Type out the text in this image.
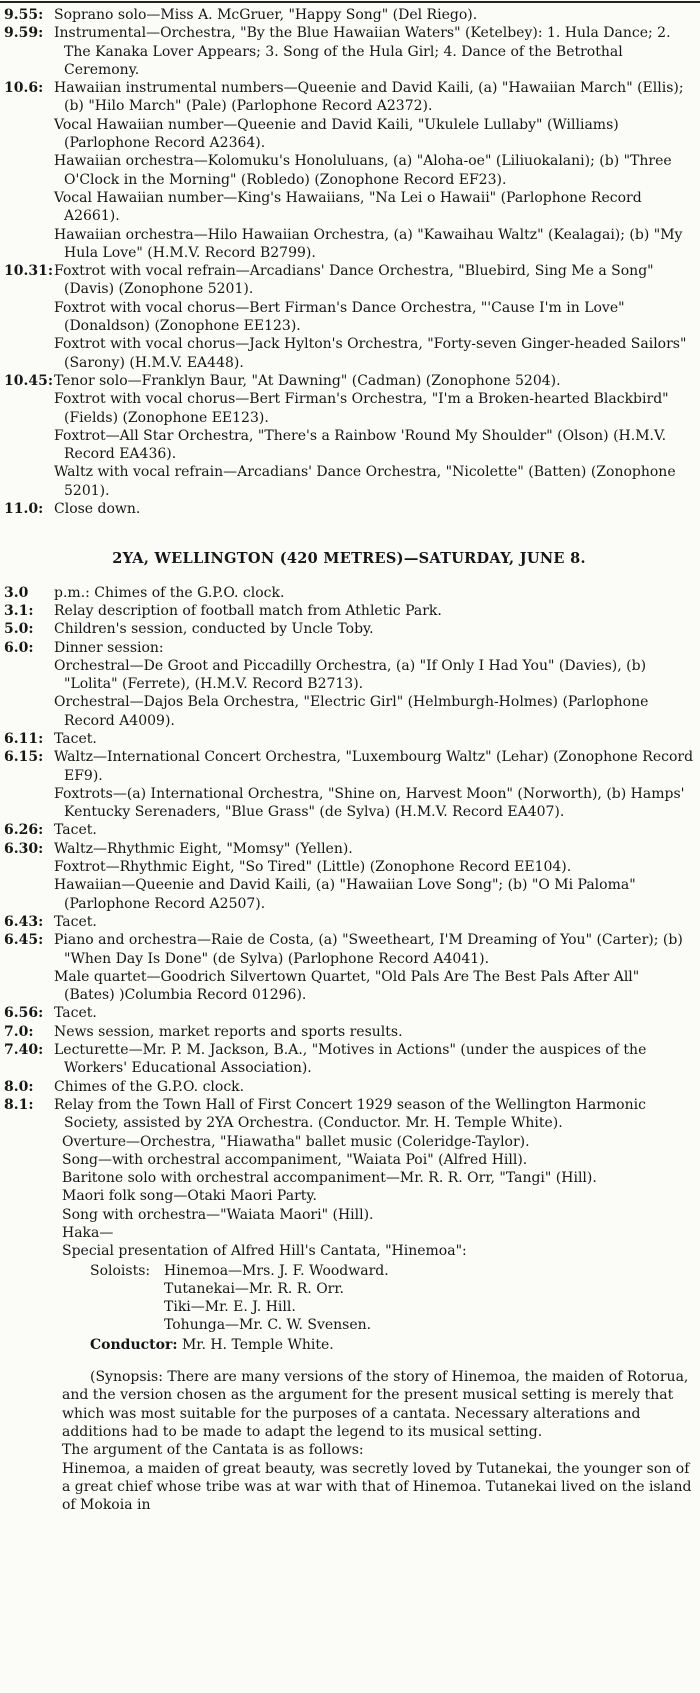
9.55: Soprano solo—Miss A. McGruer, "Happy Song" (Del Riego).
9.59: Instrumental—Orchestra, "By the Blue Hawaiian Waters" (Ketelbey): 1. Hula Dance; 2. The Kanaka Lover Appears; 3. Song of the Hula Girl; 4. Dance of the Betrothal Ceremony.
10.6: Hawaiian instrumental numbers—Queenie and David Kaili, (a) "Hawaiian March" (Ellis); (b) "Hilo March" (Pale) (Parlophone Record A2372).
Vocal Hawaiian number—Queenie and David Kaili, "Ukulele Lullaby" (Williams) (Parlophone Record A2364).
Hawaiian orchestra—Kolomuku's Honoluluans, (a) "Aloha-oe" (Liliuokalani); (b) "Three O'Clock in the Morning" (Robledo) (Zonophone Record EF23).
Vocal Hawaiian number—King's Hawaiians, "Na Lei o Hawaii" (Parlophone Record A2661).
Hawaiian orchestra—Hilo Hawaiian Orchestra, (a) "Kawaihau Waltz" (Kealagai); (b) "My Hula Love" (H.M.V. Record B2799).
10.31: Foxtrot with vocal refrain—Arcadians' Dance Orchestra, "Bluebird, Sing Me a Song" (Davis) (Zonophone 5201).
Foxtrot with vocal chorus—Bert Firman's Dance Orchestra, "'Cause I'm in Love" (Donaldson) (Zonophone EE123).
Foxtrot with vocal chorus—Jack Hylton's Orchestra, "Forty-seven Ginger-headed Sailors" (Sarony) (H.M.V. EA448).
10.45: Tenor solo—Franklyn Baur, "At Dawning" (Cadman) (Zonophone 5204).
Foxtrot with vocal chorus—Bert Firman's Orchestra, "I'm a Broken-hearted Blackbird" (Fields) (Zonophone EE123).
Foxtrot—All Star Orchestra, "There's a Rainbow 'Round My Shoulder" (Olson) (H.M.V. Record EA436).
Waltz with vocal refrain—Arcadians' Dance Orchestra, "Nicolette" (Batten) (Zonophone 5201).
11.0: Close down.
2YA, WELLINGTON (420 METRES)—SATURDAY, JUNE 8.
3.0	p.m.: Chimes of the G.P.O. clock.
3.1:	Relay description of football match from Athletic Park.
5.0:	Children's session, conducted by Uncle Toby.
6.0:	Dinner session:
Orchestral—De Groot and Piccadilly Orchestra, (a) "If Only I Had You" (Davies), (b) "Lolita" (Ferrete), (H.M.V. Record B2713).
Orchestral—Dajos Bela Orchestra, "Electric Girl" (Helmburgh-Holmes) (Parlophone Record A4009).
6.11: Tacet.
6.15: Waltz—International Concert Orchestra, "Luxembourg Waltz" (Lehar) (Zonophone Record EF9).
Foxtrots—(a) International Orchestra, "Shine on, Harvest Moon" (Norworth), (b) Hamps' Kentucky Serenaders, "Blue Grass" (de Sylva) (H.M.V. Record EA407).
6.26: Tacet.
6.30: Waltz—Rhythmic Eight, "Momsy" (Yellen).
Foxtrot—Rhythmic Eight, "So Tired" (Little) (Zonophone Record EE104).
Hawaiian—Queenie and David Kaili, (a) "Hawaiian Love Song"; (b) "O Mi Paloma" (Parlophone Record A2507).
6.43: Tacet.
6.45: Piano and orchestra—Raie de Costa, (a) "Sweetheart, I'M Dreaming of You" (Carter); (b) "When Day Is Done" (de Sylva) (Parlophone Record A4041).
Male quartet—Goodrich Silvertown Quartet, "Old Pals Are The Best Pals After All" (Bates) )Columbia Record 01296).
6.56: Tacet.
7.0:	News session, market reports and sports results.
7.40: Lecturette—Mr. P. M. Jackson, B.A., "Motives in Actions" (under the auspices of the Workers' Educational Association).
8.0:	Chimes of the G.P.O. clock.
8.1:	Relay from the Town Hall of First Concert 1929 season of the Wellington Harmonic Society, assisted by 2YA Orchestra. (Conductor. Mr. H. Temple White).
Overture—Orchestra, "Hiawatha" ballet music (Coleridge-Taylor).
Song—with orchestral accompaniment, "Waiata Poi" (Alfred Hill).
Baritone solo with orchestral accompaniment—Mr. R. R. Orr, "Tangi" (Hill).
Maori folk song—Otaki Maori Party.
Song with orchestra—"Waiata Maori" (Hill).
Haka—
Special presentation of Alfred Hill's Cantata, "Hinemoa":
Soloists: Hinemoa—Mrs. J. F. Woodward.
Tutanekai—Mr. R. R. Orr.
Tiki—Mr. E. J. Hill.
Tohunga—Mr. C. W. Svensen.
Conductor: Mr. H. Temple White.
(Synopsis: There are many versions of the story of Hinemoa, the maiden of Rotorua, and the version chosen as the argument for the present musical setting is merely that which was most suitable for the purposes of a cantata. Necessary alterations and additions had to be made to adapt the legend to its musical setting.
The argument of the Cantata is as follows:
Hinemoa, a maiden of great beauty, was secretly loved by Tutanekai, the younger son of a great chief whose tribe was at war with that of Hinemoa. Tutanekai lived on the island of Mokoia in
